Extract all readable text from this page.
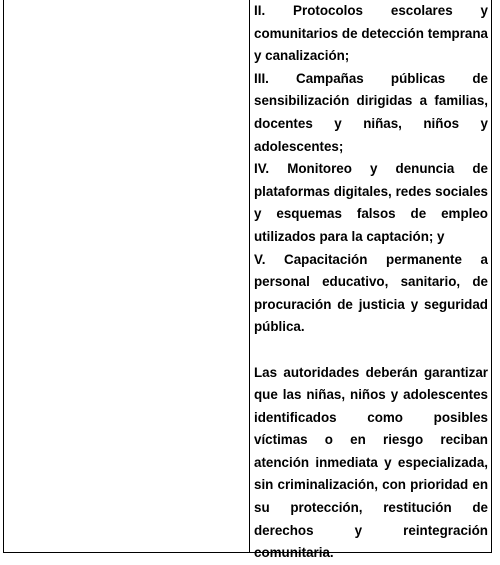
II. Protocolos escolares y comunitarios de detección temprana y canalización;

III. Campañas públicas de sensibilización dirigidas a familias, docentes y niñas, niños y adolescentes;

IV. Monitoreo y denuncia de plataformas digitales, redes sociales y esquemas falsos de empleo utilizados para la captación; y

V. Capacitación permanente a personal educativo, sanitario, de procuración de justicia y seguridad pública.

Las autoridades deberán garantizar que las niñas, niños y adolescentes identificados como posibles víctimas o en riesgo reciban atención inmediata y especializada, sin criminalización, con prioridad en su protección, restitución de derechos y reintegración comunitaria.
